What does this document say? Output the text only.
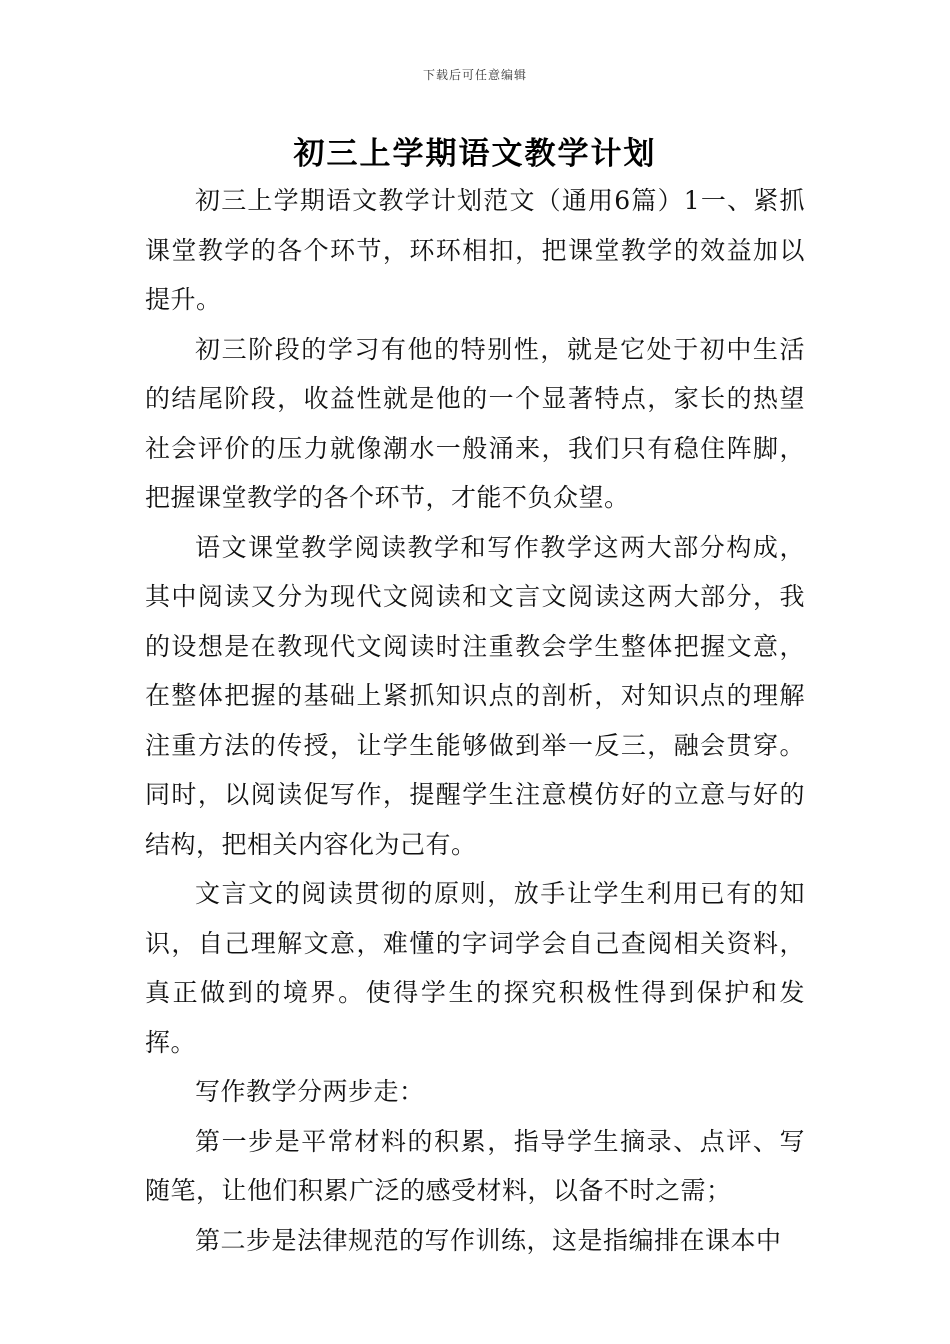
下载后可任意编辑
初三上学期语文教学计划

初三上学期语文教学计划范文（通用6篇）1一、紧抓课堂教学的各个环节，环环相扣，把课堂教学的效益加以提升。

初三阶段的学习有他的特别性，就是它处于初中生活的结尾阶段，收益性就是他的一个显著特点，家长的热望社会评价的压力就像潮水一般涌来，我们只有稳住阵脚，把握课堂教学的各个环节，才能不负众望。

语文课堂教学阅读教学和写作教学这两大部分构成，其中阅读又分为现代文阅读和文言文阅读这两大部分，我的设想是在教现代文阅读时注重教会学生整体把握文意，在整体把握的基础上紧抓知识点的剖析，对知识点的理解注重方法的传授，让学生能够做到举一反三，融会贯穿。同时，以阅读促写作，提醒学生注意模仿好的立意与好的结构，把相关内容化为己有。

文言文的阅读贯彻的原则，放手让学生利用已有的知识，自己理解文意，难懂的字词学会自己查阅相关资料，真正做到的境界。使得学生的探究积极性得到保护和发挥。

写作教学分两步走：

第一步是平常材料的积累，指导学生摘录、点评、写随笔，让他们积累广泛的感受材料，以备不时之需；

第二步是法律规范的写作训练，这是指编排在课本中
